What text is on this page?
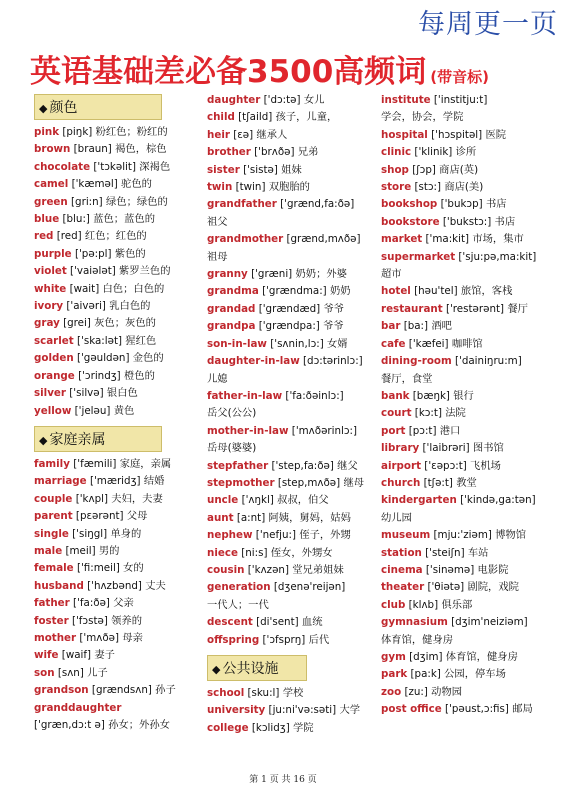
每周更一页
英语基础差必备3500高频词 (带音标)
◆ 颜色
pink [piŋk] 粉红色；粉红的
brown [braun] 褐色，棕色
chocolate ['tɔkəlit] 深褐色
camel ['kæməl] 驼色的
green [gri:n] 绿色；绿色的
blue [blu:] 蓝色；蓝色的
red [red] 红色；红色的
purple ['pə:pl] 紫色的
violet ['vaiələt] 紫罗兰色的
white [wait] 白色；白色的
ivory ['aivəri] 乳白色的
gray [grei] 灰色；灰色的
scarlet ['ska:lət] 猩红色
golden ['gəuldən] 金色的
orange ['ɔrindʒ] 橙色的
silver ['silvə] 银白色
yellow ['jeləu] 黄色
◆ 家庭亲属
family ['fæmili] 家庭，亲属
marriage ['mæridʒ] 结婚
couple ['kʌpl] 夫妇，夫妻
parent [pɛərənt] 父母
single ['siŋgl] 单身的
male [meil] 男的
female ['fi:meil] 女的
husband ['hʌzbənd] 丈夫
father ['fa:ðə] 父亲
foster ['fɔstə] 领养的
mother ['mʌðə] 母亲
wife [waif] 妻子
son [sʌn] 儿子
grandson [grændsʌn] 孙子
granddaughter
['græn,dɔ:t ə] 孙女；外孙女
daughter ['dɔ:tə] 女儿
child [tʃaild] 孩子，儿童，
heir [ɛə] 继承人
brother ['brʌðə] 兄弟
sister ['sistə] 姐妹
twin [twin] 双胞胎的
grandfather ['grænd,fa:ðə]
祖父
grandmother [grænd,mʌðə]
祖母
granny ['græni] 奶奶；外婆
grandma ['grændma:] 奶奶
grandad ['grændæd] 爷爷
grandpa ['grændpa:] 爷爷
son-in-law ['sʌnin,lɔ:] 女婿
daughter-in-law [dɔ:tərinlɔ:]
儿媳
father-in-law ['fa:ðəinlɔ:]
岳父(公公)
mother-in-law ['mʌðərinlɔ:]
岳母(婆婆)
stepfather ['step,fa:ðə] 继父
stepmother [step,mʌðə] 继母
uncle ['ʌŋkl] 叔叔，伯父
aunt [a:nt] 阿姨，舅妈，姑妈
nephew ['nefju:] 侄子，外甥
niece [ni:s] 侄女，外甥女
cousin ['kʌzən] 堂兄弟姐妹
generation [dʒenə'reijən]
一代人；一代
descent [di'sent] 血统
offspring ['ɔfsprŋ] 后代
◆ 公共设施
school [sku:l] 学校
university [ju:ni'və:səti] 大学
college [kɔlidʒ] 学院
institute ['institju:t]
学会，协会，学院
hospital ['hɔspitəl] 医院
clinic ['klinik] 诊所
shop [ʃɔp] 商店(英)
store [stɔ:] 商店(美)
bookshop ['bukɔp] 书店
bookstore ['bukstɔ:] 书店
market ['ma:kit] 市场，集市
supermarket ['sju:pə,ma:kit]
超市
hotel [həu'tel] 旅馆，客栈
restaurant ['restərənt] 餐厅
bar [ba:] 酒吧
cafe ['kæfei] 咖啡馆
dining-room ['dainiŋru:m]
餐厅，食堂
bank [bæŋk] 银行
court [kɔ:t] 法院
port [pɔ:t] 港口
library ['laibrəri] 图书馆
airport ['ɛəpɔ:t] 飞机场
church [tʃə:t] 教堂
kindergarten ['kində,ga:tən]
幼儿园
museum [mju:'ziəm] 博物馆
station ['steiʃn] 车站
cinema ['sinəmə] 电影院
theater ['θiətə] 剧院，戏院
club [klʌb] 俱乐部
gymnasium [dʒim'neiziəm]
体育馆，健身房
gym [dʒim] 体育馆，健身房
park [pa:k] 公园，停车场
zoo [zu:] 动物园
post office ['pəust,ɔ:fis] 邮局
第 1 页 共 16 页
